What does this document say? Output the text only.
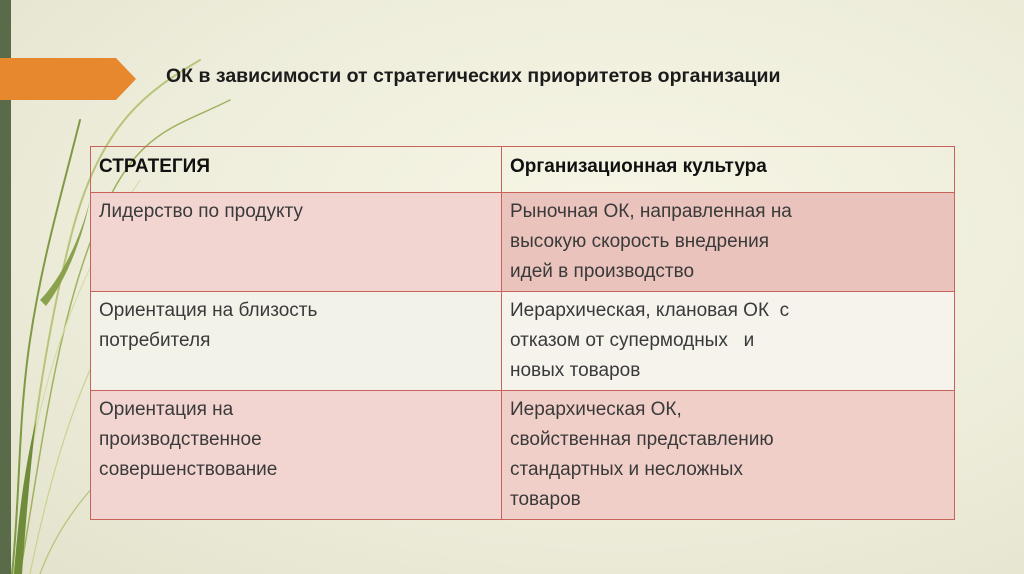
ОК в зависимости от стратегических приоритетов организации
СТРАТЕГИЯ	Организационная культура

Лидерство по продукту	Рыночная ОК, направленная на
высокую скорость внедрения
идей в производство

Ориентация на близость
потребителя	Иерархическая, клановая ОК  с
отказом от супермодных   и
новых товаров

Ориентация на
производственное
совершенствование	Иерархическая ОК,
свойственная представлению
стандартных и несложных
товаров
